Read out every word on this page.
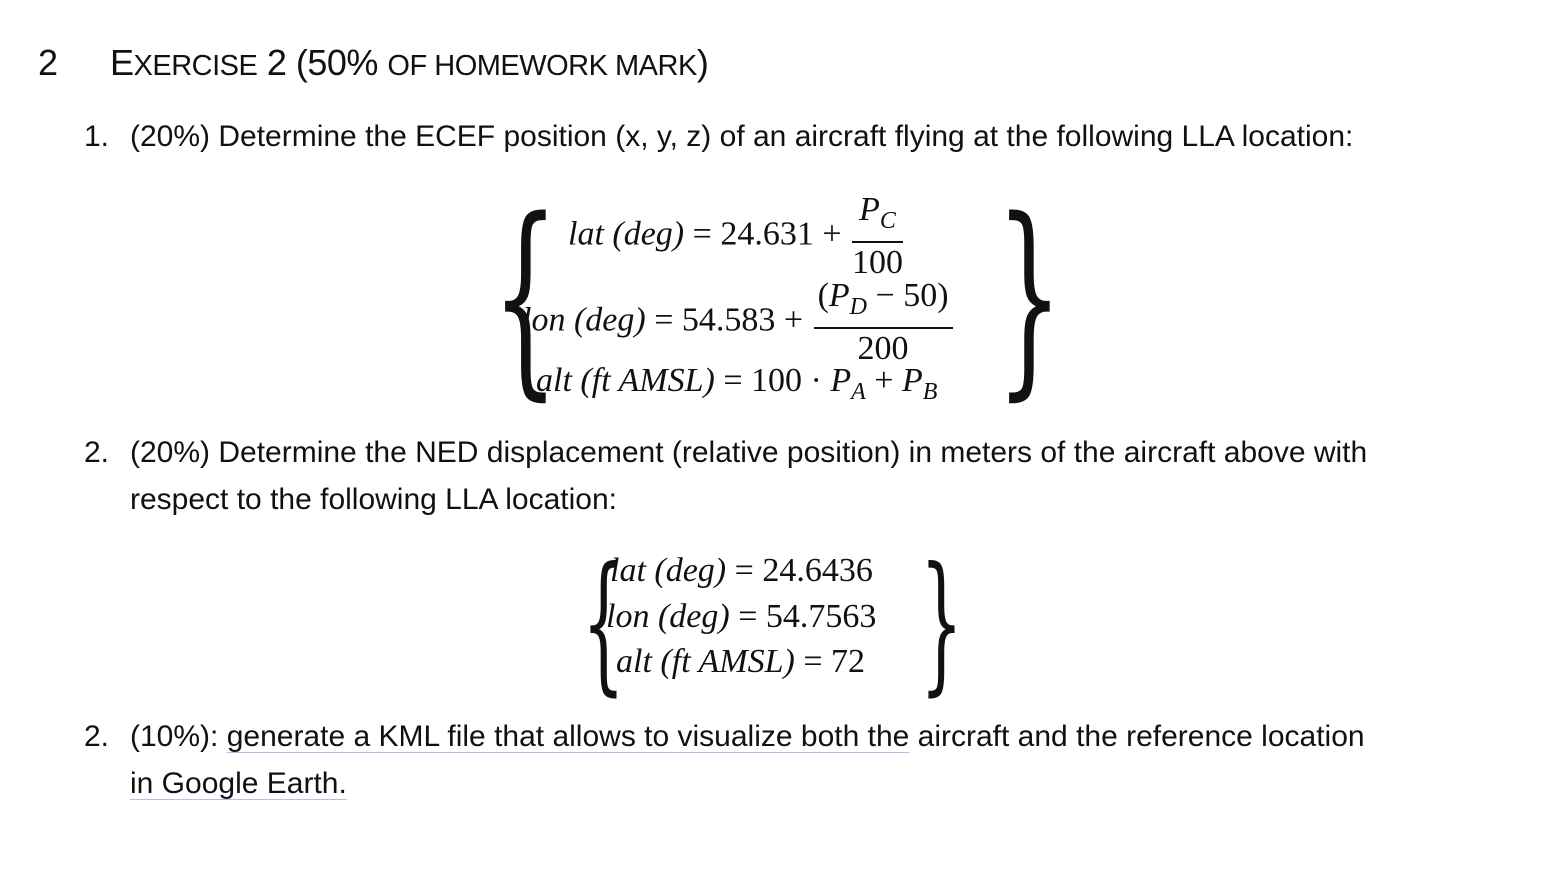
2 EXERCISE 2 (50% OF HOMEWORK MARK)
1. (20%) Determine the ECEF position (x, y, z) of an aircraft flying at the following LLA location:
{ }
lat $(deg) = 24.631 + \frac{P_C}{100}$
lon $(deg) = 54.583 + \frac{(P_D - 50)}{200}$
alt (ft AMSL) = $100 \cdot P_A + P_B$
2. (20%) Determine the NED displacement (relative position) in meters of the aircraft above with
respect to the following LLA location:
{ }
lat (deg) = 24.6436
lon (deg) = 54.7563
alt (ft AMSL) = 72
2. (10%): generate a KML file that allows to visualize both the aircraft and the reference location
in Google Earth.
